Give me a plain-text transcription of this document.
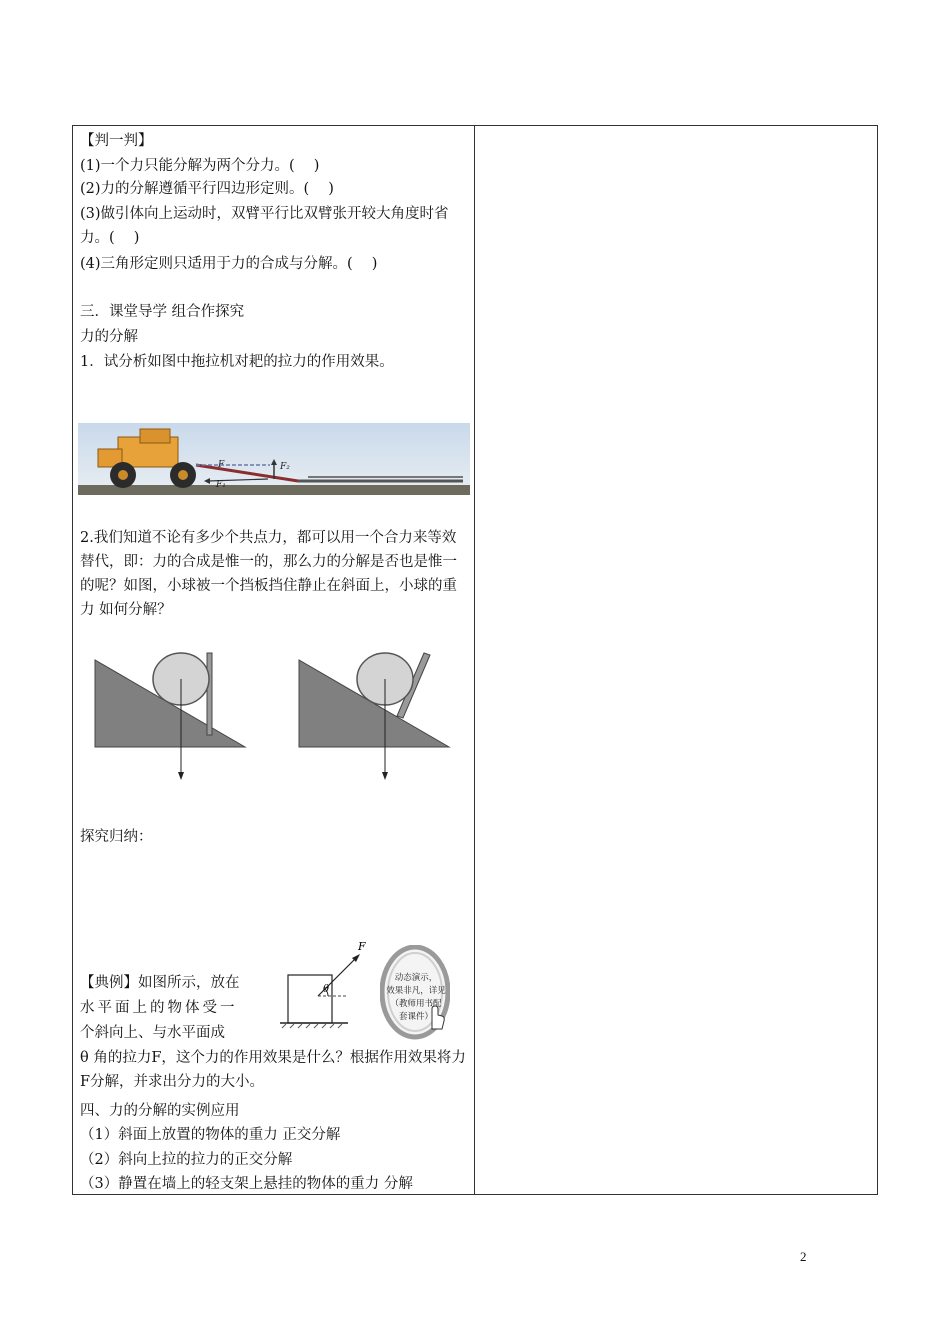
【判一判】
(1)一个力只能分解为两个分力。(　 )
(2)力的分解遵循平行四边形定则。(　 )
(3)做引体向上运动时，双臂平行比双臂张开较大角度时省力。(　 )
(4)三角形定则只适用于力的合成与分解。(　 )
三．课堂导学 组合作探究
力的分解
1．试分析如图中拖拉机对耙的拉力的作用效果。
F	F₂
F₁
2.我们知道不论有多少个共点力，都可以用一个合力来等效替代，即：力的合成是惟一的，那么力的分解是否也是惟一的呢？如图，小球被一个挡板挡住静止在斜面上，小球的重力 如何分解？
探究归纳：
【典例】如图所示，放在
水平面上的物体受一
个斜向上、与水平面成
F
θ
动态演示，
效果非凡，详见
（教师用书配
套课件）
θ 角的拉力F，这个力的作用效果是什么？根据作用效果将力F分解，并求出分力的大小。
四、力的分解的实例应用
（1）斜面上放置的物体的重力 正交分解
（2）斜向上拉的拉力的正交分解
（3）静置在墙上的轻支架上悬挂的物体的重力 分解
2
